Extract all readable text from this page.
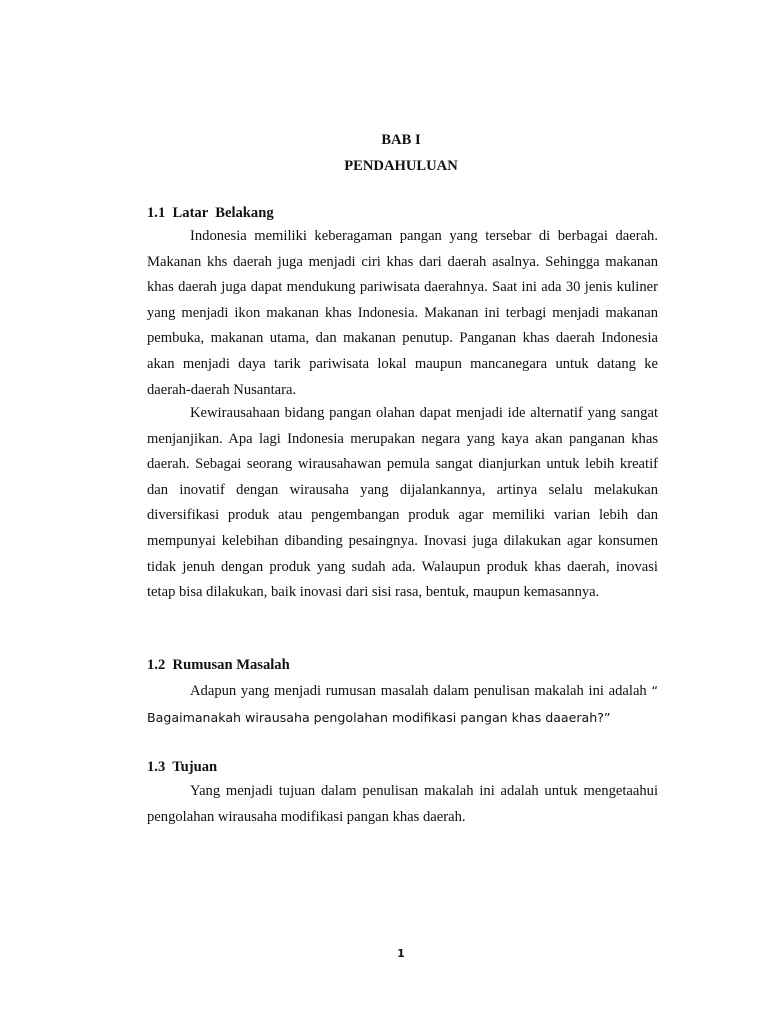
BAB I
PENDAHULUAN
1.1  Latar  Belakang

Indonesia memiliki keberagaman pangan yang tersebar di berbagai daerah. Makanan khs daerah juga menjadi ciri khas dari daerah asalnya. Sehingga makanan khas daerah juga dapat mendukung pariwisata daerahnya. Saat ini ada 30 jenis kuliner yang menjadi ikon makanan khas Indonesia. Makanan ini terbagi menjadi makanan pembuka, makanan utama, dan makanan penutup. Panganan khas daerah Indonesia akan menjadi daya tarik pariwisata lokal maupun mancanegara untuk datang ke daerah-daerah Nusantara.

Kewirausahaan bidang pangan olahan dapat menjadi ide alternatif yang sangat menjanjikan. Apa lagi Indonesia merupakan negara yang kaya akan panganan khas daerah. Sebagai seorang wirausahawan pemula sangat dianjurkan untuk lebih kreatif dan inovatif dengan wirausaha yang dijalankannya, artinya selalu melakukan diversifikasi produk atau pengembangan produk agar memiliki varian lebih dan mempunyai kelebihan dibanding pesaingnya. Inovasi juga dilakukan agar konsumen tidak jenuh dengan produk yang sudah ada. Walaupun produk khas daerah, inovasi tetap bisa dilakukan, baik inovasi dari sisi rasa, bentuk, maupun kemasannya.

1.2  Rumusan Masalah

Adapun yang menjadi rumusan masalah dalam penulisan makalah ini adalah “ Bagaimanakah wirausaha pengolahan modifikasi pangan khas daaerah?”

1.3  Tujuan

Yang menjadi tujuan dalam penulisan makalah ini adalah untuk mengetaahui pengolahan wirausaha modifikasi pangan khas daerah.

1
